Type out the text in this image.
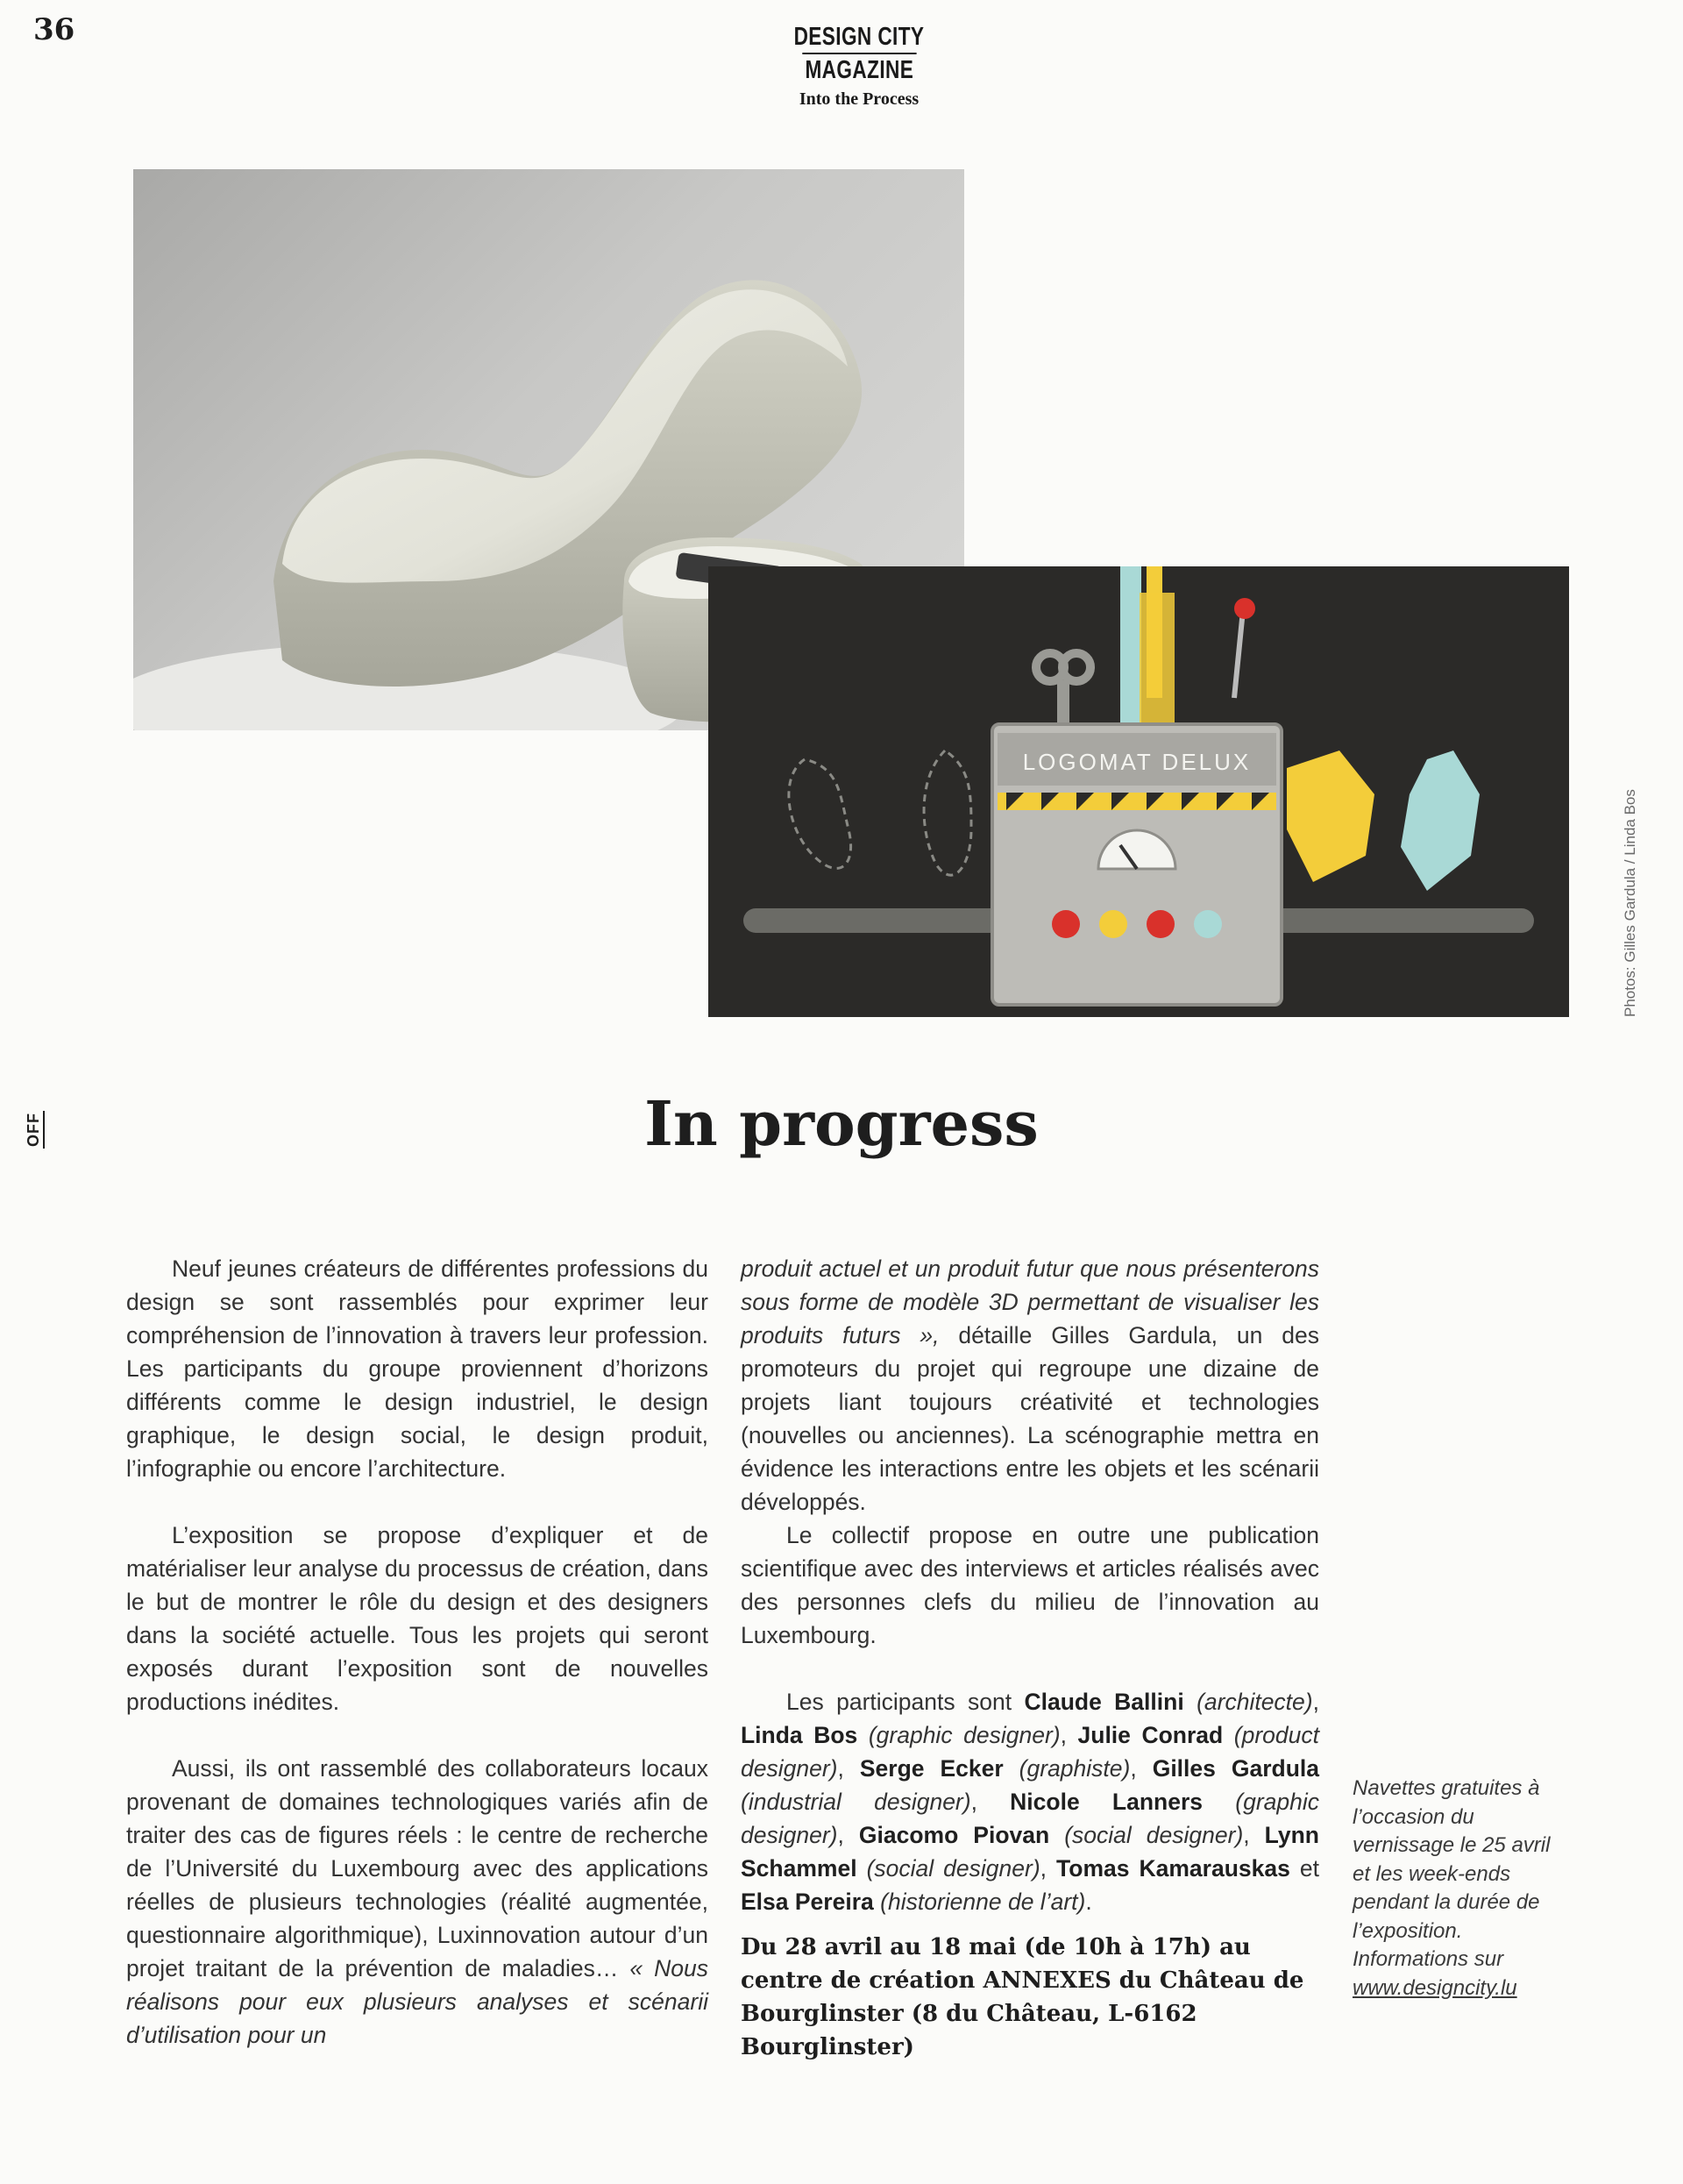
36	DESIGN CITY
MAGAZINE
Into the Process
LOGOMAT DELUX
Photos: Gilles Gardula / Linda Bos
OFF	In progress

Neuf jeunes créateurs de différentes professions du design se sont rassemblés pour exprimer leur compréhension de l’innovation à travers leur profession. Les participants du groupe proviennent d’horizons différents comme le design industriel, le design graphique, le design social, le design produit, l’infographie ou encore l’architecture.

L’exposition se propose d’expliquer et de matérialiser leur analyse du processus de création, dans le but de montrer le rôle du design et des designers dans la société actuelle. Tous les projets qui seront exposés durant l’exposition sont de nouvelles productions inédites.

Aussi, ils ont rassemblé des collaborateurs locaux provenant de domaines technologiques variés afin de traiter des cas de figures réels : le centre de recherche de l’Université du Luxembourg avec des applications réelles de plusieurs technologies (réalité augmentée, questionnaire algorithmique), Luxinnovation autour d’un projet traitant de la prévention de maladies… « Nous réalisons pour eux plusieurs analyses et scénarii d’utilisation pour un

produit actuel et un produit futur que nous présenterons sous forme de modèle 3D permettant de visualiser les produits futurs », détaille Gilles Gardula, un des promoteurs du projet qui regroupe une dizaine de projets liant toujours créativité et technologies (nouvelles ou anciennes). La scénographie mettra en évidence les interactions entre les objets et les scénarii développés.

Le collectif propose en outre une publication scientifique avec des interviews et articles réalisés avec des personnes clefs du milieu de l’innovation au Luxembourg.

Les participants sont Claude Ballini (architecte), Linda Bos (graphic designer), Julie Conrad (product designer), Serge Ecker (graphiste), Gilles Gardula (industrial designer), Nicole Lanners (graphic designer), Giacomo Piovan (social designer), Lynn Schammel (social designer), Tomas Kamarauskas et Elsa Pereira (historienne de l’art).

Du 28 avril au 18 mai (de 10h à 17h) au centre de création ANNEXES du Château de Bourglinster (8 du Château, L-6162 Bourglinster)
Navettes gratuites à l’occasion du vernissage le 25 avril et les week-ends pendant la durée de l’exposition. Informations sur www.designcity.lu
